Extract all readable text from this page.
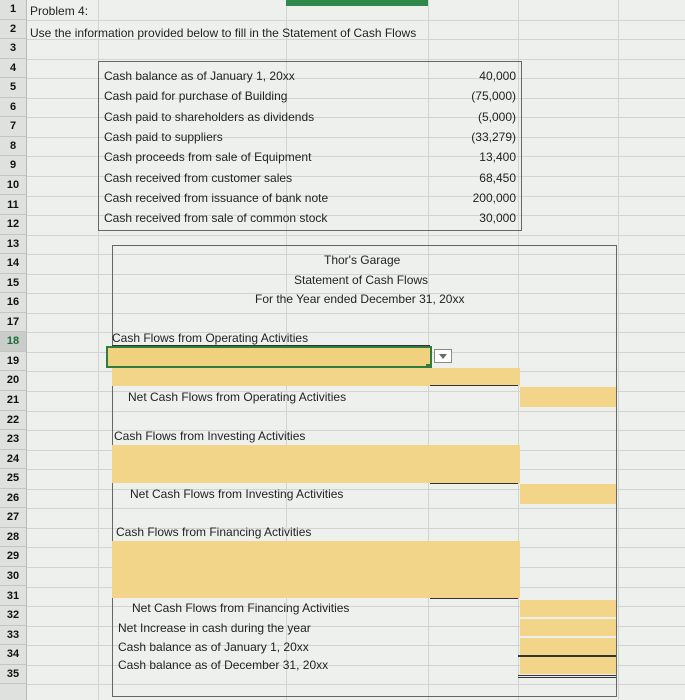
1
2
3
4
5
6
7
8
9
10
11
12
13
14
15
16
17
18
19
20
21
22
23
24
25
26
27
28
29
30
31
32
33
34
35
Problem 4:
Use the information provided below to fill in the Statement of Cash Flows
Cash balance as of January 1, 20xx	40,000
Cash paid for purchase of Building	(75,000)
Cash paid to shareholders as dividends	(5,000)
Cash paid to suppliers	(33,279)
Cash proceeds from sale of Equipment	13,400
Cash received from customer sales	68,450
Cash received from issuance of bank note	200,000
Cash received from sale of common stock	30,000
Thor's Garage
Statement of Cash Flows
For the Year ended December 31, 20xx
Cash Flows from Operating Activities
Net Cash Flows from Operating Activities
Cash Flows from Investing Activities
Net Cash Flows from Investing Activities
Cash Flows from Financing Activities
Net Cash Flows from Financing Activities
Net Increase in cash during the year
Cash balance as of January 1, 20xx
Cash balance as of December 31, 20xx
